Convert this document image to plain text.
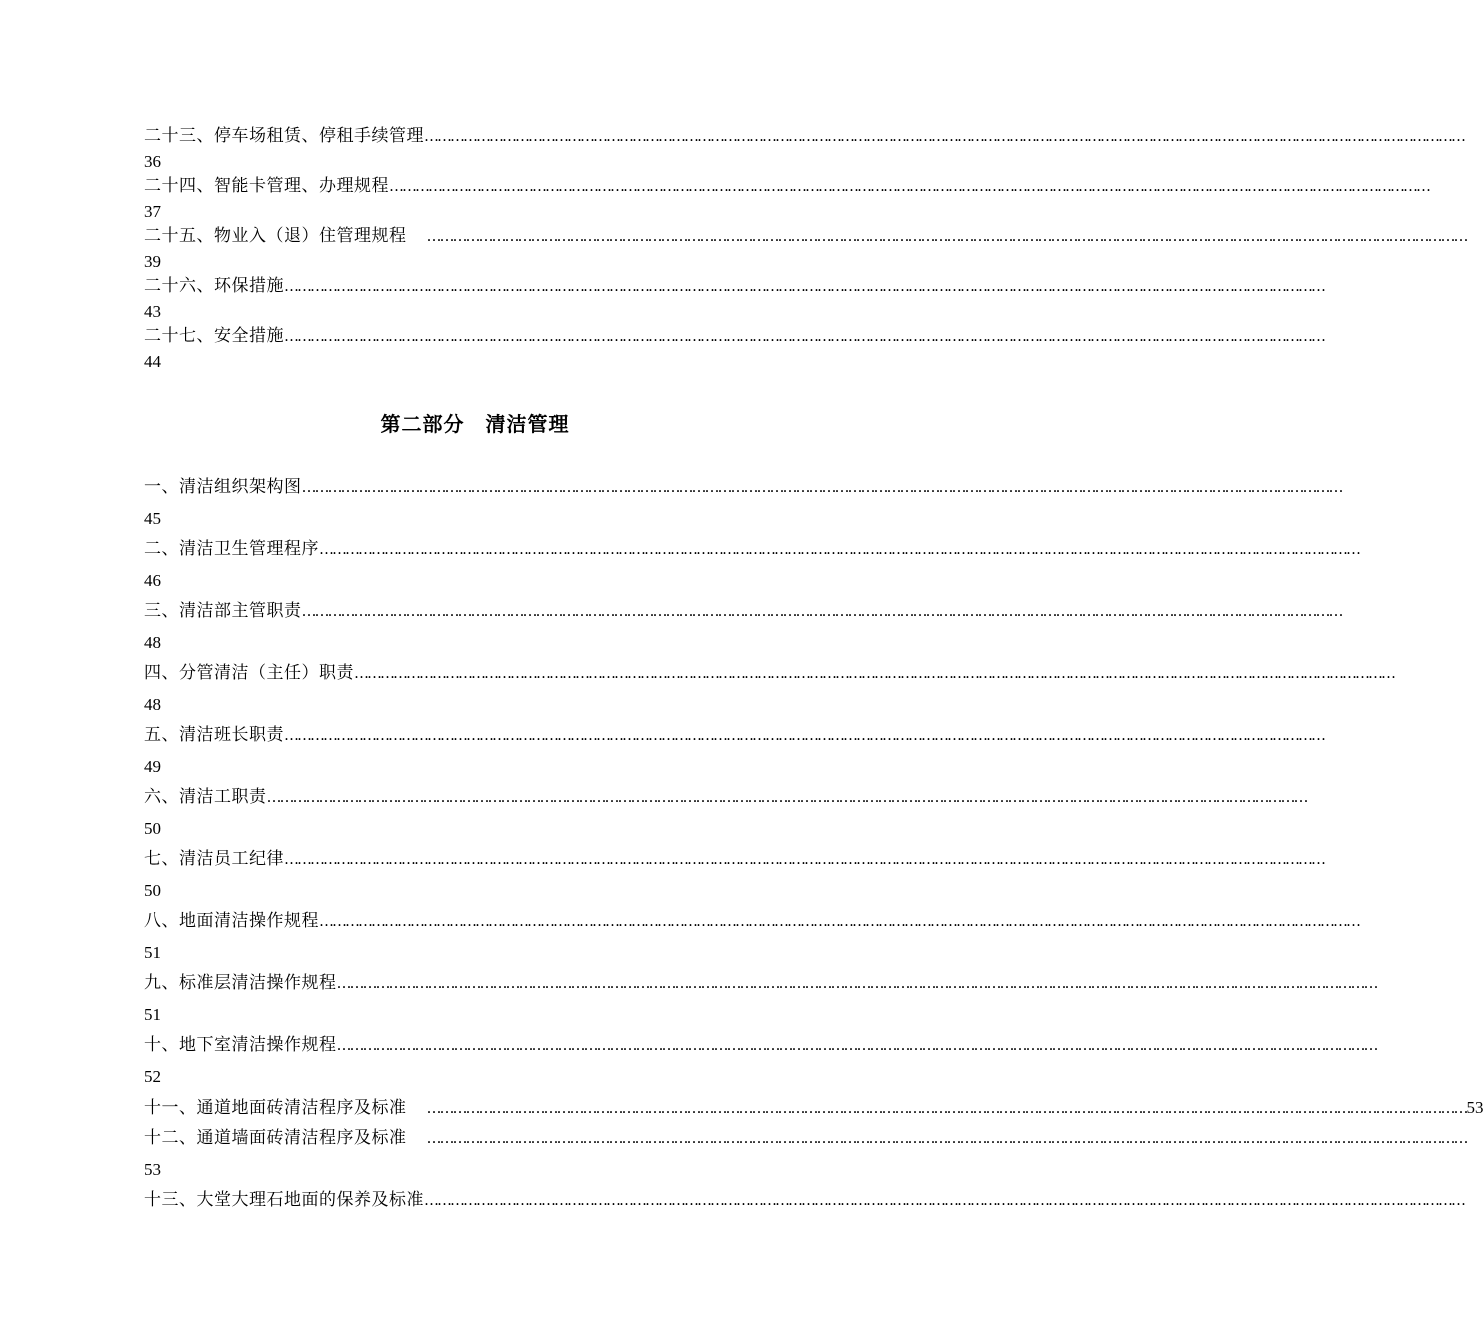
二十三、停车场租赁、停租手续管理 ……………………………………………………………………………………………………………………………………………………………………………………………………………………
36
二十四、智能卡管理、办理规程 ……………………………………………………………………………………………………………………………………………………………………………………………………………………
37
二十五、物业入（退）住管理规程 ……………………………………………………………………………………………………………………………………………………………………………………………………………………
39
二十六、环保措施 ……………………………………………………………………………………………………………………………………………………………………………………………………………………
43
二十七、安全措施 ……………………………………………………………………………………………………………………………………………………………………………………………………………………
44
第二部分　清洁管理
一、清洁组织架构图 ……………………………………………………………………………………………………………………………………………………………………………………………………………………
45
二、清洁卫生管理程序 ……………………………………………………………………………………………………………………………………………………………………………………………………………………
46
三、清洁部主管职责 ……………………………………………………………………………………………………………………………………………………………………………………………………………………
48
四、分管清洁（主任）职责 ……………………………………………………………………………………………………………………………………………………………………………………………………………………
48
五、清洁班长职责 ……………………………………………………………………………………………………………………………………………………………………………………………………………………
49
六、清洁工职责 ……………………………………………………………………………………………………………………………………………………………………………………………………………………
50
七、清洁员工纪律 ……………………………………………………………………………………………………………………………………………………………………………………………………………………
50
八、地面清洁操作规程 ……………………………………………………………………………………………………………………………………………………………………………………………………………………
51
九、标准层清洁操作规程 ……………………………………………………………………………………………………………………………………………………………………………………………………………………
51
十、地下室清洁操作规程 ……………………………………………………………………………………………………………………………………………………………………………………………………………………
52
十一、通道地面砖清洁程序及标准 …………………………………………………………………………………………………………………………………………………………………………………………………………………… 53
十二、通道墙面砖清洁程序及标准 ……………………………………………………………………………………………………………………………………………………………………………………………………………………
53
十三、大堂大理石地面的保养及标准 ……………………………………………………………………………………………………………………………………………………………………………………………………………………
